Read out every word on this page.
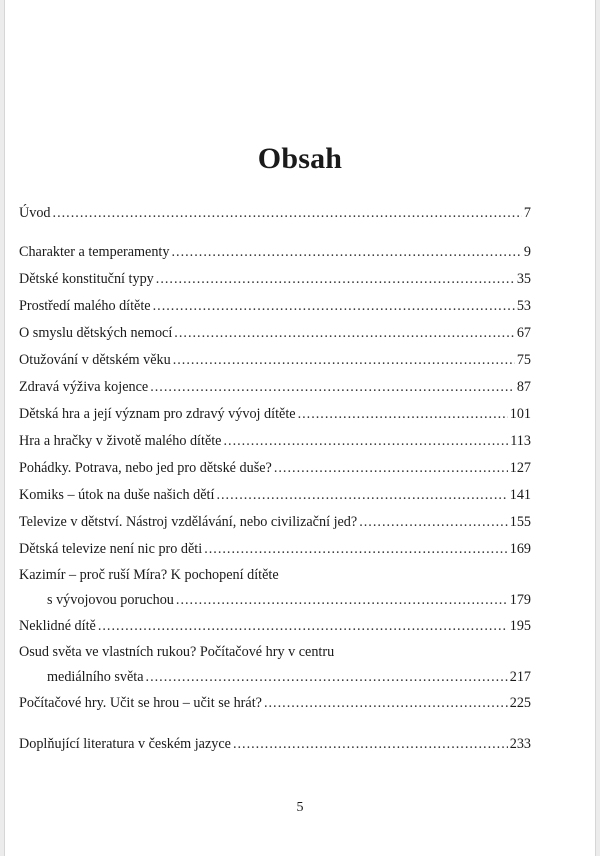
Obsah
Úvod .....	7
Charakter a temperamenty .....	9
Dětské konstituční typy .....	35
Prostředí malého dítěte .....	53
O smyslu dětských nemocí .....	67
Otužování v dětském věku .....	75
Zdravá výživa kojence .....	87
Dětská hra a její význam pro zdravý vývoj dítěte .....	101
Hra a hračky v životě malého dítěte .....	113
Pohádky. Potrava, nebo jed pro dětské duše? .....	127
Komiks – útok na duše našich dětí .....	141
Televize v dětství. Nástroj vzdělávání, nebo civilizační jed? .....	155
Dětská televize není nic pro děti .....	169
Kazimír – proč ruší Míra? K pochopení dítěte
s vývojovou poruchou .....	179
Neklidné dítě .....	195
Osud světa ve vlastních rukou? Počítačové hry v centru
mediálního světa .....	217
Počítačové hry. Učit se hrou – učit se hrát? .....	225
Doplňující literatura v českém jazyce .....	233
5
